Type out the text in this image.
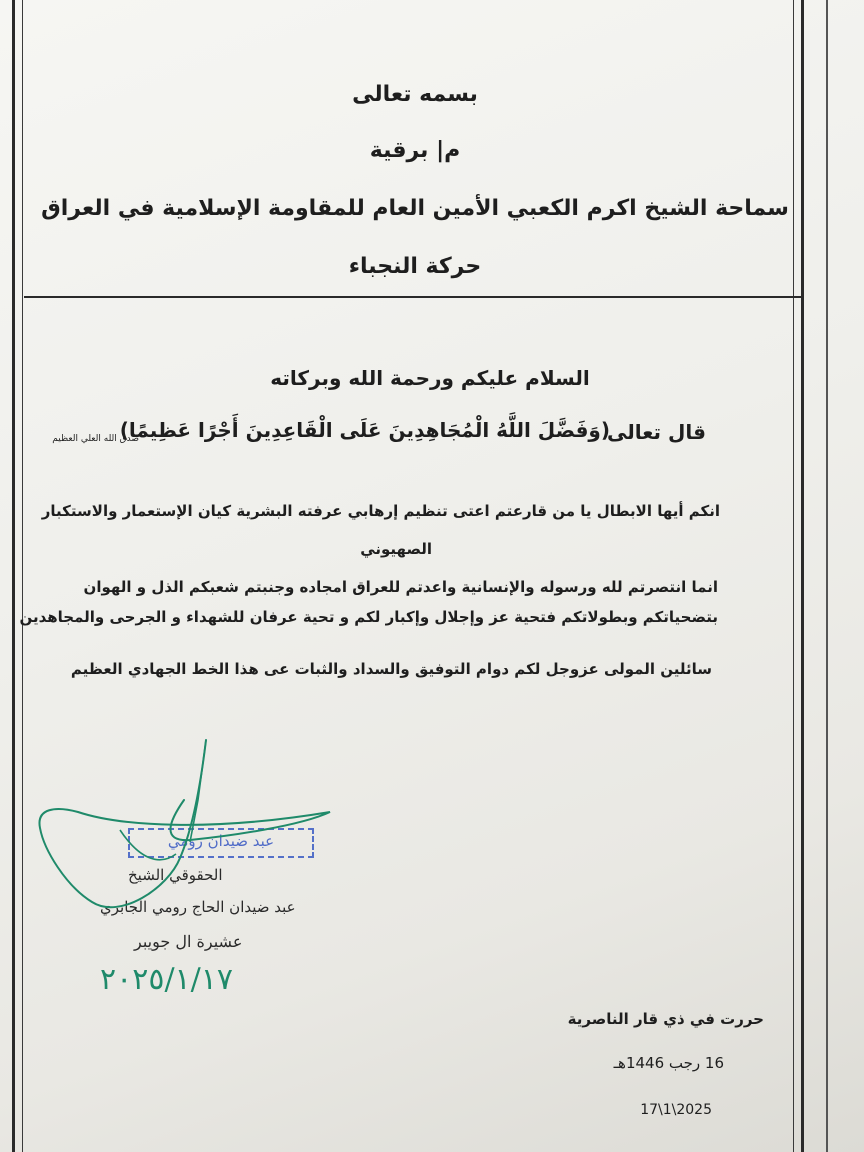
بسمه تعالى
م| برقية
سماحة الشيخ اكرم الكعبي الأمين العام للمقاومة الإسلامية في العراق
حركة النجباء
السلام عليكم ورحمة الله وبركاته
قال تعالى
(وَفَضَّلَ اللَّهُ الْمُجَاهِدِينَ عَلَى الْقَاعِدِينَ أَجْرًا عَظِيمًا)
صدق الله العلي العظيم
انكم أيها الابطال يا من قارعتم اعتى تنظيم إرهابي عرفته البشرية كيان الإستعمار والاستكبار
الصهيوني
انما انتصرتم لله ورسوله والإنسانية واعدتم للعراق امجاده وجنبتم شعبكم الذل و الهوان
بتضحياتكم وبطولاتكم فتحية عز وإجلال وإكبار لكم و تحية عرفان للشهداء و الجرحى والمجاهدين
سائلين المولى عزوجل لكم دوام التوفيق والسداد والثبات عى هذا الخط الجهادي العظيم
عبد ضيدان رومي
الحقوقي الشيخ
عبد ضيدان الحاج رومي الجابري
عشيرة ال جويبر
٢٠٢٥/١/١٧
حررت في ذي قار الناصرية
16 رجب 1446هـ
17\1\2025
